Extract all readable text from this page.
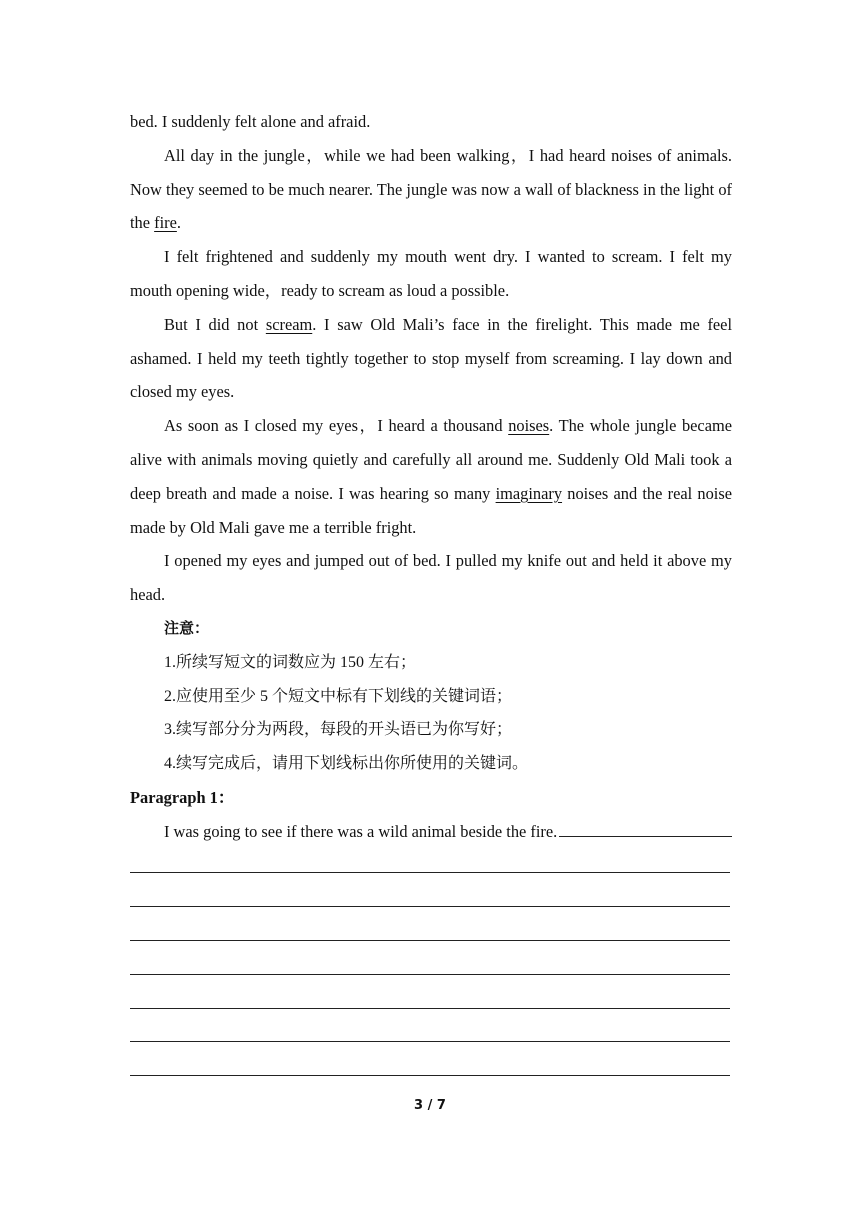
bed. I suddenly felt alone and afraid.

All day in the jungle，while we had been walking，I had heard noises of animals. Now they seemed to be much nearer. The jungle was now a wall of blackness in the light of the fire.

I felt frightened and suddenly my mouth went dry. I wanted to scream. I felt my mouth opening wide，ready to scream as loud a possible.

But I did not scream. I saw Old Mali’s face in the firelight. This made me feel ashamed. I held my teeth tightly together to stop myself from screaming. I lay down and closed my eyes.

As soon as I closed my eyes，I heard a thousand noises. The whole jungle became alive with animals moving quietly and carefully all around me. Suddenly Old Mali took a deep breath and made a noise. I was hearing so many imaginary noises and the real noise made by Old Mali gave me a terrible fright.

I opened my eyes and jumped out of bed. I pulled my knife out and held it above my head.

注意：

1.所续写短文的词数应为 150 左右；

2.应使用至少 5 个短文中标有下划线的关键词语；

3.续写部分分为两段，每段的开头语已为你写好；

4.续写完成后，请用下划线标出你所使用的关键词。

Paragraph 1：

I was going to see if there was a wild animal beside the fire.
3 / 7
